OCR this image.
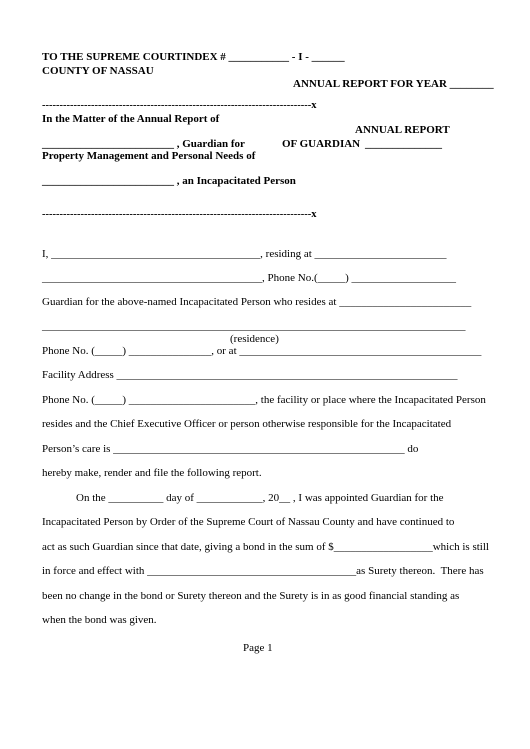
TO THE SUPREME COURTINDEX # ___________ - I - ______
COUNTY OF NASSAU
ANNUAL REPORT FOR YEAR ________
-----------------------------------------------------------------------------x
In the Matter of the Annual Report of
ANNUAL REPORT
________________________ , Guardian for	OF GUARDIAN ______________
Property Management and Personal Needs of
________________________ , an Incapacitated Person
-----------------------------------------------------------------------------x
I, ______________________________________, residing at ________________________
________________________________________, Phone No.(_____) ___________________
Guardian for the above-named Incapacitated Person who resides at ________________________
_____________________________________________________________________________
(residence)
Phone No. (_____) _______________, or at ____________________________________________
Facility Address ______________________________________________________________
Phone No. (_____) _______________________, the facility or place where the Incapacitated Person
resides and the Chief Executive Officer or person otherwise responsible for the Incapacitated
Person’s care is _____________________________________________________ do
hereby make, render and file the following report.
On the __________ day of ____________, 20__ , I was appointed Guardian for the
Incapacitated Person by Order of the Supreme Court of Nassau County and have continued to
act as such Guardian since that date, giving a bond in the sum of $__________________which is still
in force and effect with ______________________________________as Surety thereon.  There has
been no change in the bond or Surety thereon and the Surety is in as good financial standing as
when the bond was given.
Page 1
